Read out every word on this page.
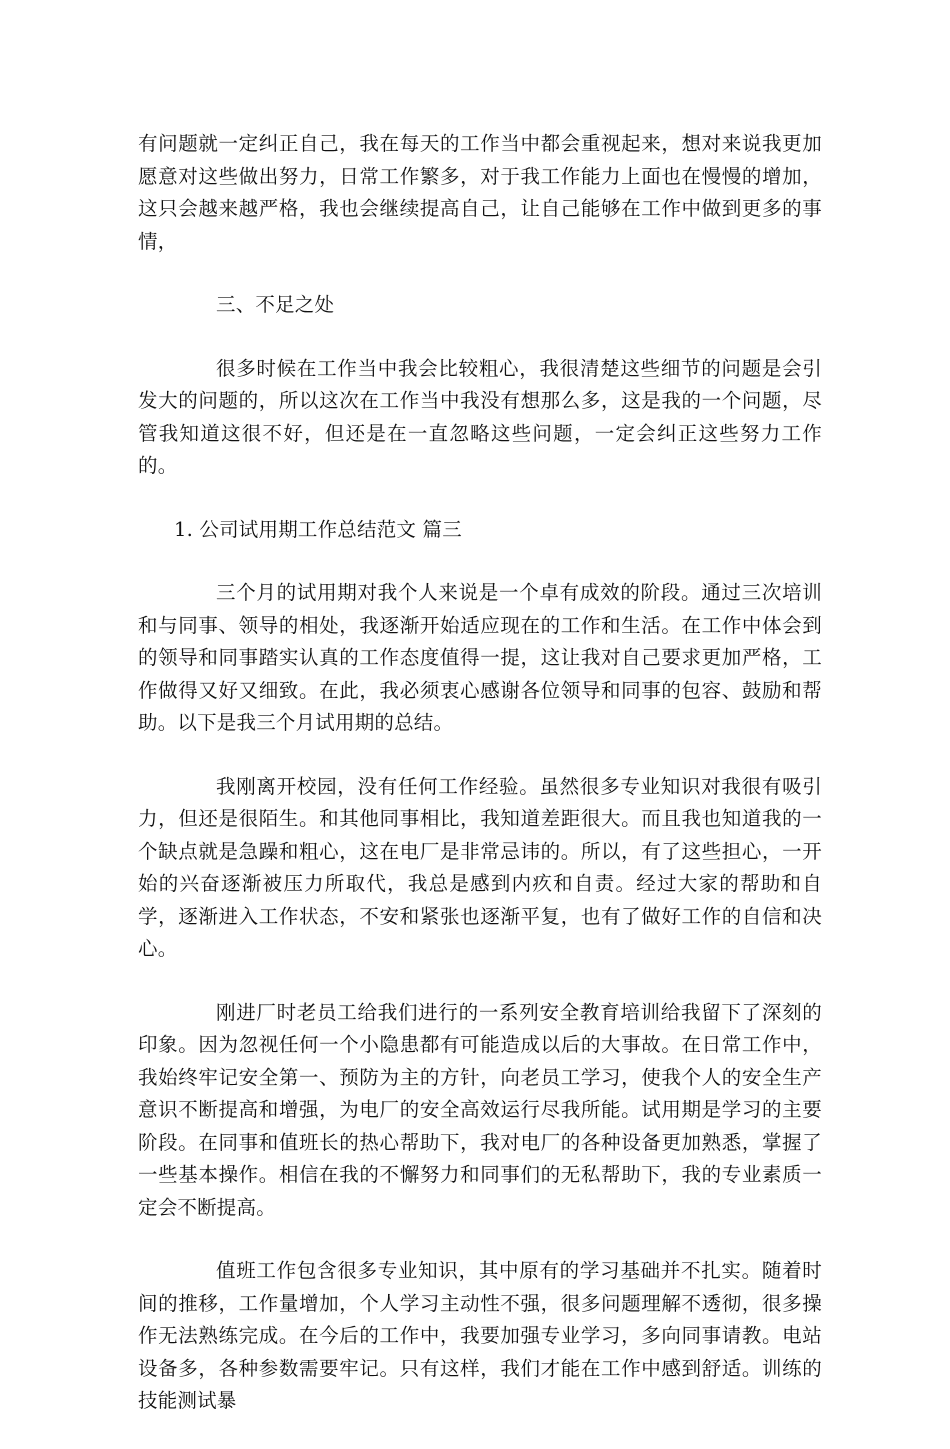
有问题就一定纠正自己，我在每天的工作当中都会重视起来，想对来说我更加愿意对这些做出努力，日常工作繁多，对于我工作能力上面也在慢慢的增加，这只会越来越严格，我也会继续提高自己，让自己能够在工作中做到更多的事情，

三、不足之处

很多时候在工作当中我会比较粗心，我很清楚这些细节的问题是会引发大的问题的，所以这次在工作当中我没有想那么多，这是我的一个问题，尽管我知道这很不好，但还是在一直忽略这些问题，一定会纠正这些努力工作的。

1. 公司试用期工作总结范文 篇三

三个月的试用期对我个人来说是一个卓有成效的阶段。通过三次培训和与同事、领导的相处，我逐渐开始适应现在的工作和生活。在工作中体会到的领导和同事踏实认真的工作态度值得一提，这让我对自己要求更加严格，工作做得又好又细致。在此，我必须衷心感谢各位领导和同事的包容、鼓励和帮助。以下是我三个月试用期的总结。

我刚离开校园，没有任何工作经验。虽然很多专业知识对我很有吸引力，但还是很陌生。和其他同事相比，我知道差距很大。而且我也知道我的一个缺点就是急躁和粗心，这在电厂是非常忌讳的。所以，有了这些担心，一开始的兴奋逐渐被压力所取代，我总是感到内疚和自责。经过大家的帮助和自学，逐渐进入工作状态，不安和紧张也逐渐平复，也有了做好工作的自信和决心。

刚进厂时老员工给我们进行的一系列安全教育培训给我留下了深刻的印象。因为忽视任何一个小隐患都有可能造成以后的大事故。在日常工作中，我始终牢记安全第一、预防为主的方针，向老员工学习，使我个人的安全生产意识不断提高和增强，为电厂的安全高效运行尽我所能。试用期是学习的主要阶段。在同事和值班长的热心帮助下，我对电厂的各种设备更加熟悉，掌握了一些基本操作。相信在我的不懈努力和同事们的无私帮助下，我的专业素质一定会不断提高。

值班工作包含很多专业知识，其中原有的学习基础并不扎实。随着时间的推移，工作量增加，个人学习主动性不强，很多问题理解不透彻，很多操作无法熟练完成。在今后的工作中，我要加强专业学习，多向同事请教。电站设备多，各种参数需要牢记。只有这样，我们才能在工作中感到舒适。训练的技能测试暴
